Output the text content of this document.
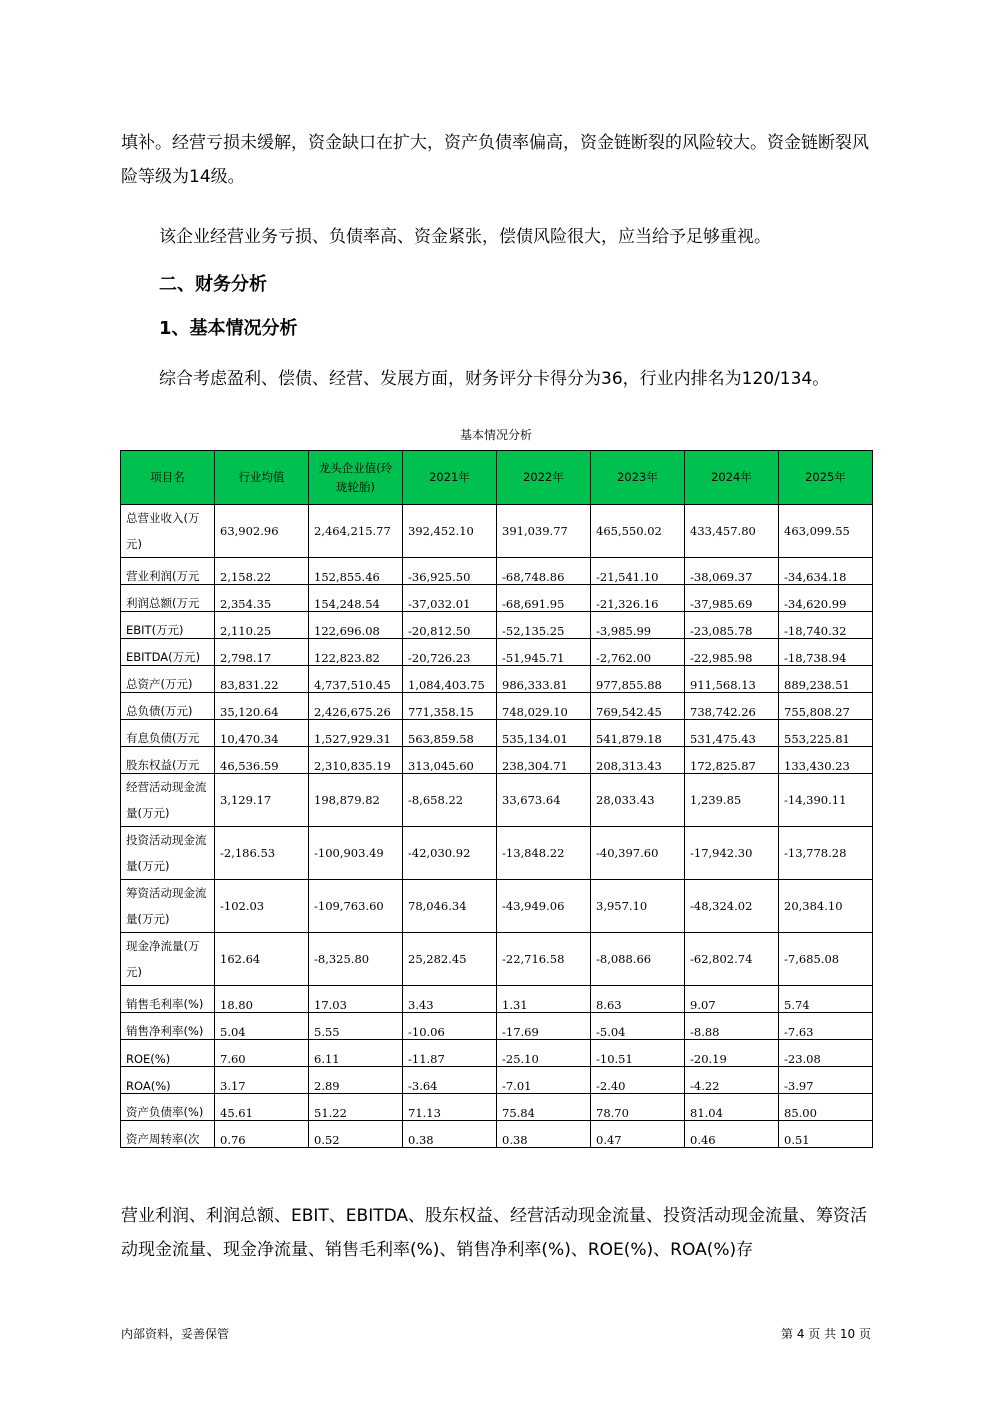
填补。经营亏损未缓解，资金缺口在扩大，资产负债率偏高，资金链断裂的风险较大。资金链断裂风险等级为14级。

该企业经营业务亏损、负债率高、资金紧张，偿债风险很大，应当给予足够重视。

二、财务分析

1、基本情况分析

综合考虑盈利、偿债、经营、发展方面，财务评分卡得分为36，行业内排名为120/134。

基本情况分析
项目名	行业均值	龙头企业值(玲珑轮胎)	2021年	2022年	2023年	2024年	2025年
总营业收入(万元)	63,902.96	2,464,215.77	392,452.10	391,039.77	465,550.02	433,457.80	463,099.55
营业利润(万元	2,158.22	152,855.46	-36,925.50	-68,748.86	-21,541.10	-38,069.37	-34,634.18
利润总额(万元	2,354.35	154,248.54	-37,032.01	-68,691.95	-21,326.16	-37,985.69	-34,620.99
EBIT(万元)	2,110.25	122,696.08	-20,812.50	-52,135.25	-3,985.99	-23,085.78	-18,740.32
EBITDA(万元)	2,798.17	122,823.82	-20,726.23	-51,945.71	-2,762.00	-22,985.98	-18,738.94
总资产(万元)	83,831.22	4,737,510.45	1,084,403.75	986,333.81	977,855.88	911,568.13	889,238.51
总负债(万元)	35,120.64	2,426,675.26	771,358.15	748,029.10	769,542.45	738,742.26	755,808.27
有息负债(万元	10,470.34	1,527,929.31	563,859.58	535,134.01	541,879.18	531,475.43	553,225.81
股东权益(万元	46,536.59	2,310,835.19	313,045.60	238,304.71	208,313.43	172,825.87	133,430.23
经营活动现金流量(万元)	3,129.17	198,879.82	-8,658.22	33,673.64	28,033.43	1,239.85	-14,390.11
投资活动现金流量(万元)	-2,186.53	-100,903.49	-42,030.92	-13,848.22	-40,397.60	-17,942.30	-13,778.28
筹资活动现金流量(万元)	-102.03	-109,763.60	78,046.34	-43,949.06	3,957.10	-48,324.02	20,384.10
现金净流量(万元)	162.64	-8,325.80	25,282.45	-22,716.58	-8,088.66	-62,802.74	-7,685.08
销售毛利率(%)	18.80	17.03	3.43	1.31	8.63	9.07	5.74
销售净利率(%)	5.04	5.55	-10.06	-17.69	-5.04	-8.88	-7.63
ROE(%)	7.60	6.11	-11.87	-25.10	-10.51	-20.19	-23.08
ROA(%)	3.17	2.89	-3.64	-7.01	-2.40	-4.22	-3.97
资产负债率(%)	45.61	51.22	71.13	75.84	78.70	81.04	85.00
资产周转率(次	0.76	0.52	0.38	0.38	0.47	0.46	0.51

营业利润、利润总额、EBIT、EBITDA、股东权益、经营活动现金流量、投资活动现金流量、筹资活动现金流量、现金净流量、销售毛利率(%)、销售净利率(%)、ROE(%)、ROA(%)存

内部资料，妥善保管	第 4 页 共 10 页
